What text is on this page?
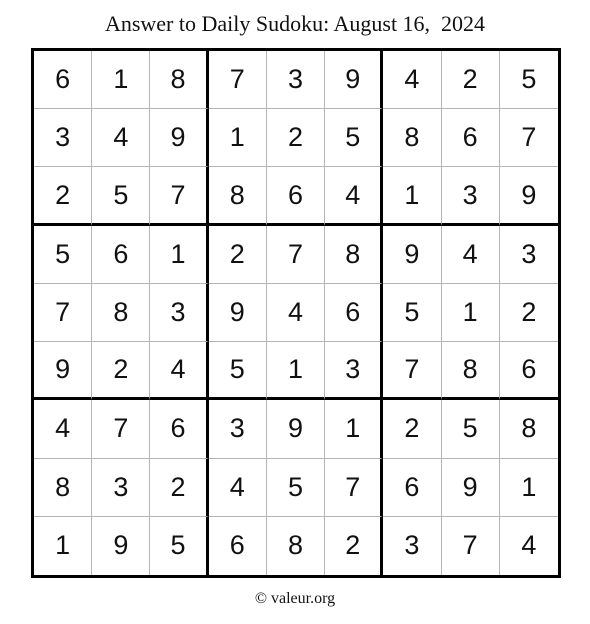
Answer to Daily Sudoku: August 16,  2024
6	1	8	7	3	9	4	2	5
3	4	9	1	2	5	8	6	7
2	5	7	8	6	4	1	3	9
5	6	1	2	7	8	9	4	3
7	8	3	9	4	6	5	1	2
9	2	4	5	1	3	7	8	6
4	7	6	3	9	1	2	5	8
8	3	2	4	5	7	6	9	1
1	9	5	6	8	2	3	7	4
© valeur.org
